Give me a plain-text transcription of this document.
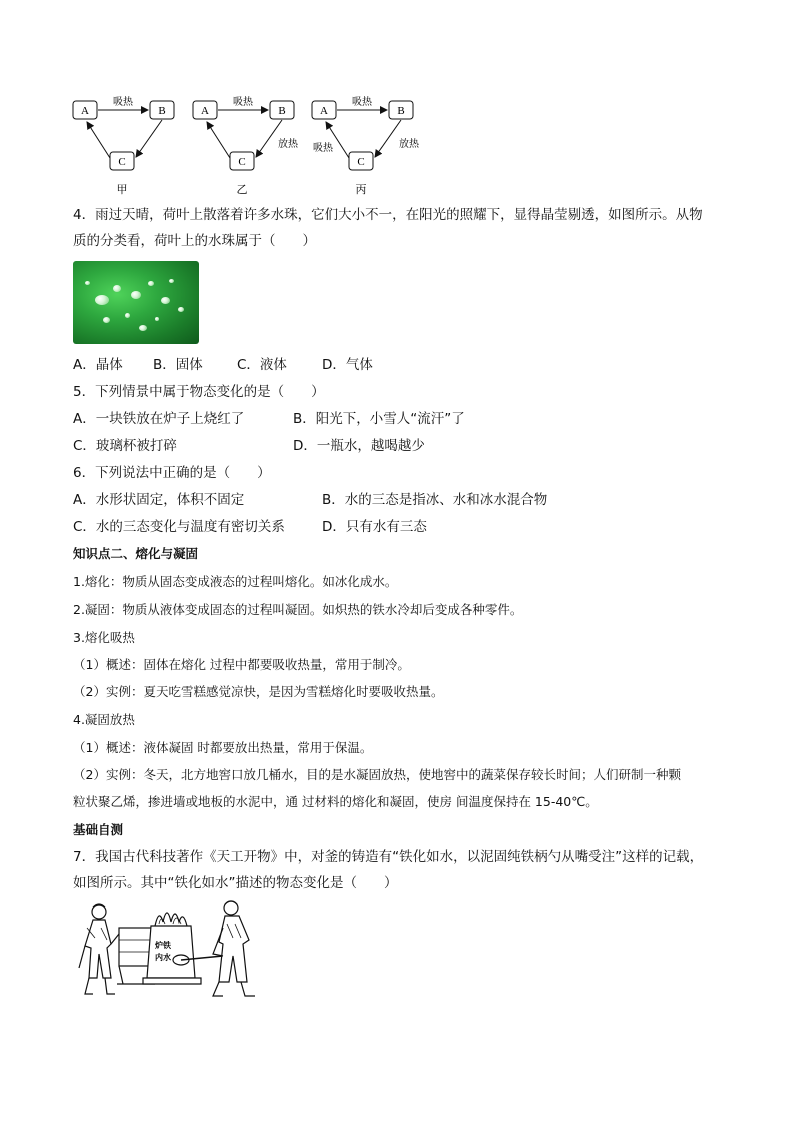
A	B
C
吸热
甲
A	B
C
吸热
放热
乙
A	B
C
吸热
放热
吸热
丙
4．雨过天晴，荷叶上散落着许多水珠，它们大小不一，在阳光的照耀下，显得晶莹剔透，如图所示。从物
质的分类看，荷叶上的水珠属于（　　）
A．晶体 B．固体	C．液体	D．气体
5．下列情景中属于物态变化的是（　　）
A．一块铁放在炉子上烧红了	B．阳光下，小雪人“流汗”了
C．玻璃杯被打碎	D．一瓶水，越喝越少
6．下列说法中正确的是（　　）
A．水形状固定，体积不固定	B．水的三态是指冰、水和冰水混合物
C．水的三态变化与温度有密切关系	D．只有水有三态
知识点二、熔化与凝固
1.熔化：物质从固态变成液态的过程叫熔化。如冰化成水。
2.凝固：物质从液体变成固态的过程叫凝固。如炽热的铁水冷却后变成各种零件。
3.熔化吸热
（1）概述：固体在熔化 过程中都要吸收热量，常用于制冷。
（2）实例：夏天吃雪糕感觉凉快，是因为雪糕熔化时要吸收热量。
4.凝固放热
（1）概述：液体凝固 时都要放出热量，常用于保温。
（2）实例：冬天，北方地窖口放几桶水，目的是水凝固放热，使地窖中的蔬菜保存较长时间；人们研制一种颗
粒状聚乙烯，掺进墙或地板的水泥中，通 过材料的熔化和凝固，使房 间温度保持在 15-40℃。
基础自测
7．我国古代科技著作《天工开物》中，对釜的铸造有“铁化如水，以泥固纯铁柄勺从嘴受注”这样的记载，
如图所示。其中“铁化如水”描述的物态变化是（　　）
炉铁
内水
